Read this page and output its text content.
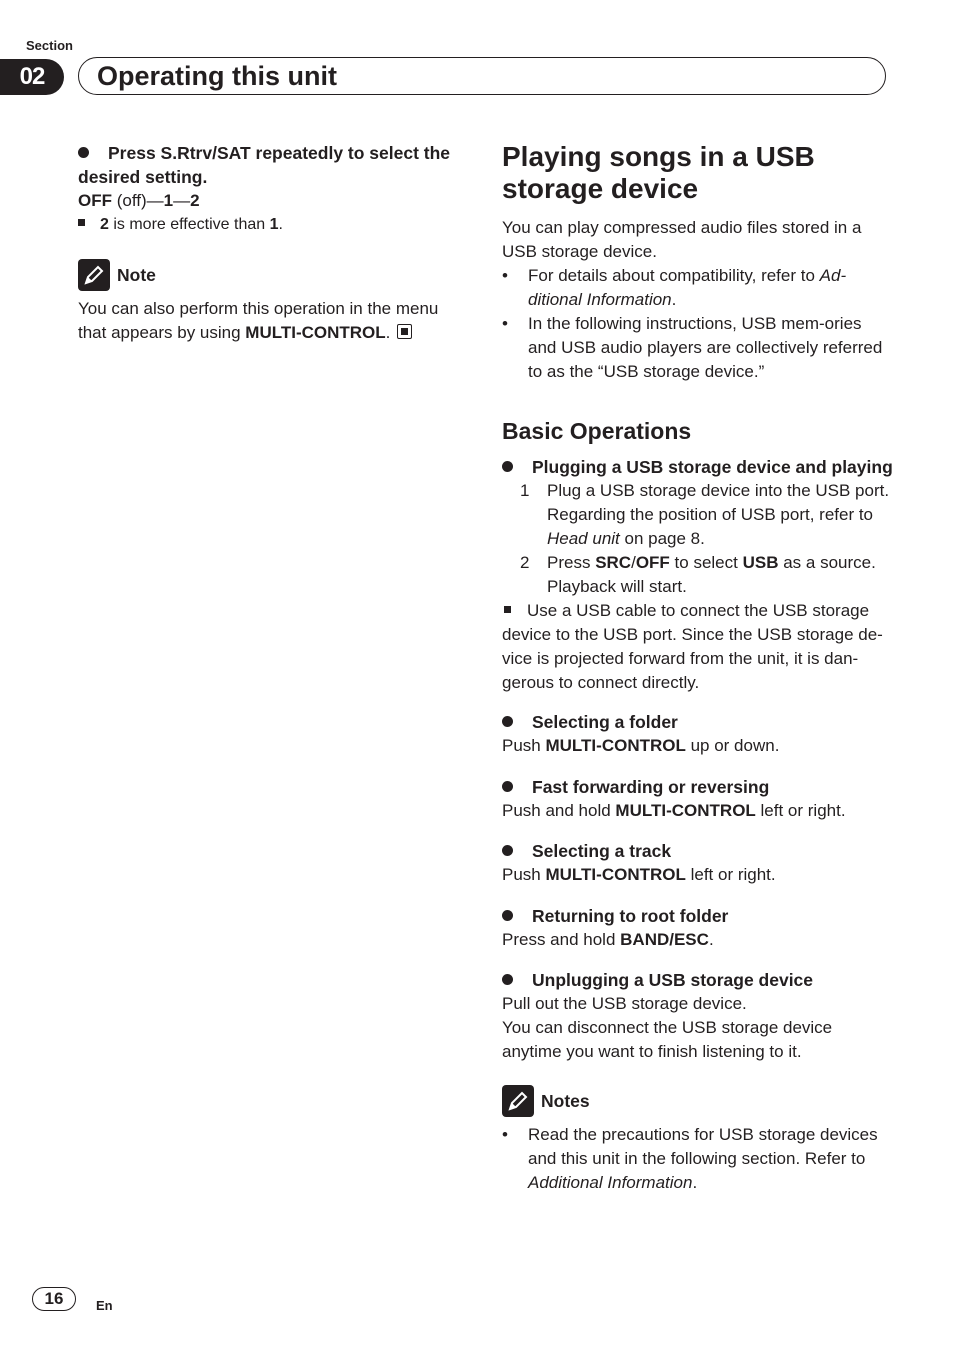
Section
02	Operating this unit
Press S.Rtrv/SAT repeatedly to select the desired setting.
OFF (off)—1—2
2 is more effective than 1.
Note
You can also perform this operation in the menu that appears by using MULTI-CONTROL.
Playing songs in a USB storage device
You can play compressed audio files stored in a USB storage device.
• For details about compatibility, refer to Ad-ditional Information.
• In the following instructions, USB mem-ories and USB audio players are collectively referred to as the “USB storage device.”
Basic Operations
Plugging a USB storage device and playing
1 Plug a USB storage device into the USB port.
Regarding the position of USB port, refer to Head unit on page 8.
2 Press SRC/OFF to select USB as a source.
Playback will start.
Use a USB cable to connect the USB storage device to the USB port. Since the USB storage de-vice is projected forward from the unit, it is dan-gerous to connect directly.
Selecting a folder
Push MULTI-CONTROL up or down.
Fast forwarding or reversing
Push and hold MULTI-CONTROL left or right.
Selecting a track
Push MULTI-CONTROL left or right.
Returning to root folder
Press and hold BAND/ESC.
Unplugging a USB storage device
Pull out the USB storage device.
You can disconnect the USB storage device anytime you want to finish listening to it.
Notes
• Read the precautions for USB storage devices and this unit in the following section. Refer to Additional Information.
16	En
